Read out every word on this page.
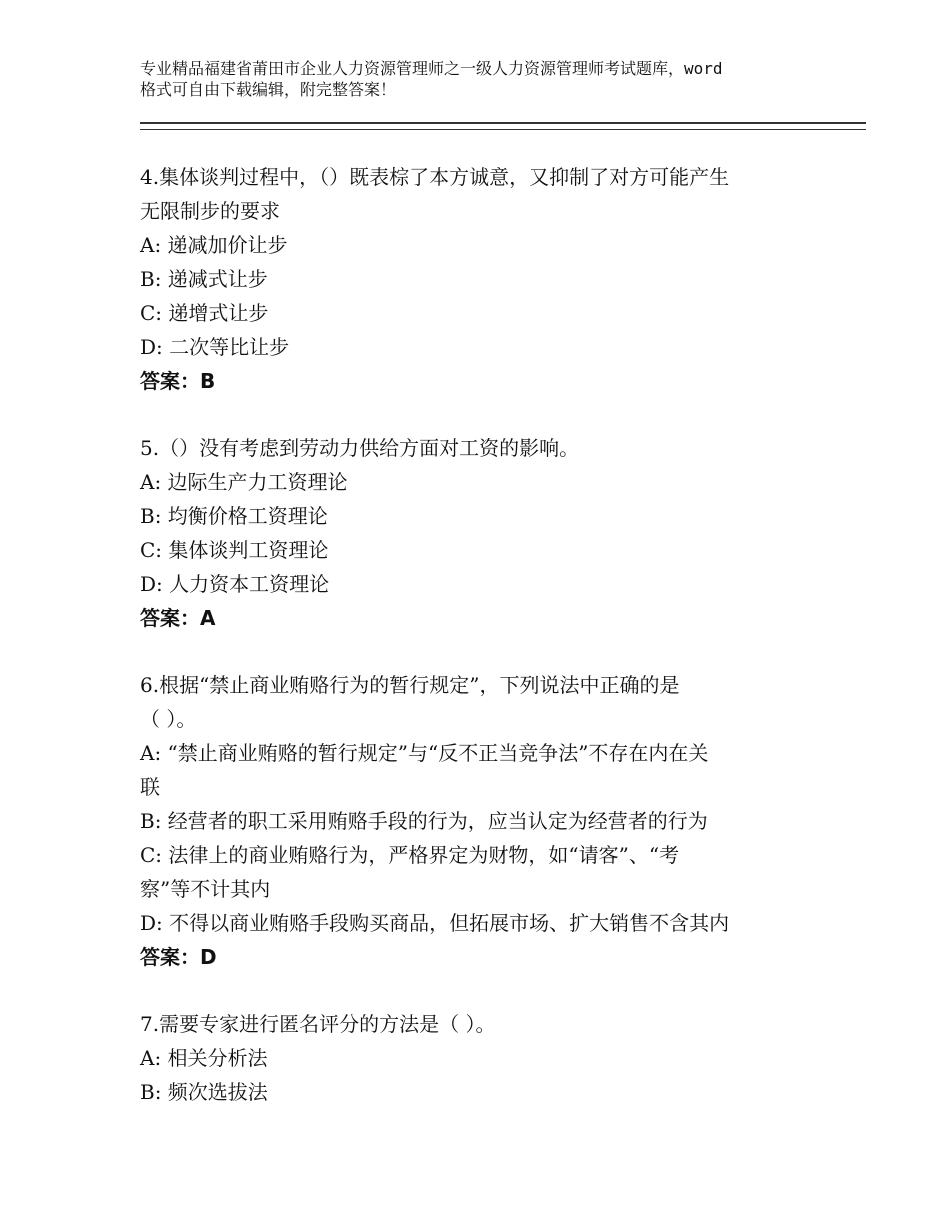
专业精品福建省莆田市企业人力资源管理师之一级人力资源管理师考试题库，word
格式可自由下载编辑，附完整答案！
4.集体谈判过程中，（）既表棕了本方诚意，又抑制了对方可能产生
无限制步的要求
A: 递减加价让步
B: 递减式让步
C: 递增式让步
D: 二次等比让步
答案：B
5.（）没有考虑到劳动力供给方面对工资的影响。
A: 边际生产力工资理论
B: 均衡价格工资理论
C: 集体谈判工资理论
D: 人力资本工资理论
答案：A
6.根据“禁止商业贿赂行为的暂行规定”，下列说法中正确的是
（ ）。
A: “禁止商业贿赂的暂行规定”与“反不正当竞争法”不存在内在关
联
B: 经营者的职工采用贿赂手段的行为，应当认定为经营者的行为
C: 法律上的商业贿赂行为，严格界定为财物，如“请客”、“考
察”等不计其内
D: 不得以商业贿赂手段购买商品，但拓展市场、扩大销售不含其内
答案：D
7.需要专家进行匿名评分的方法是（ ）。
A: 相关分析法
B: 频次选拔法
